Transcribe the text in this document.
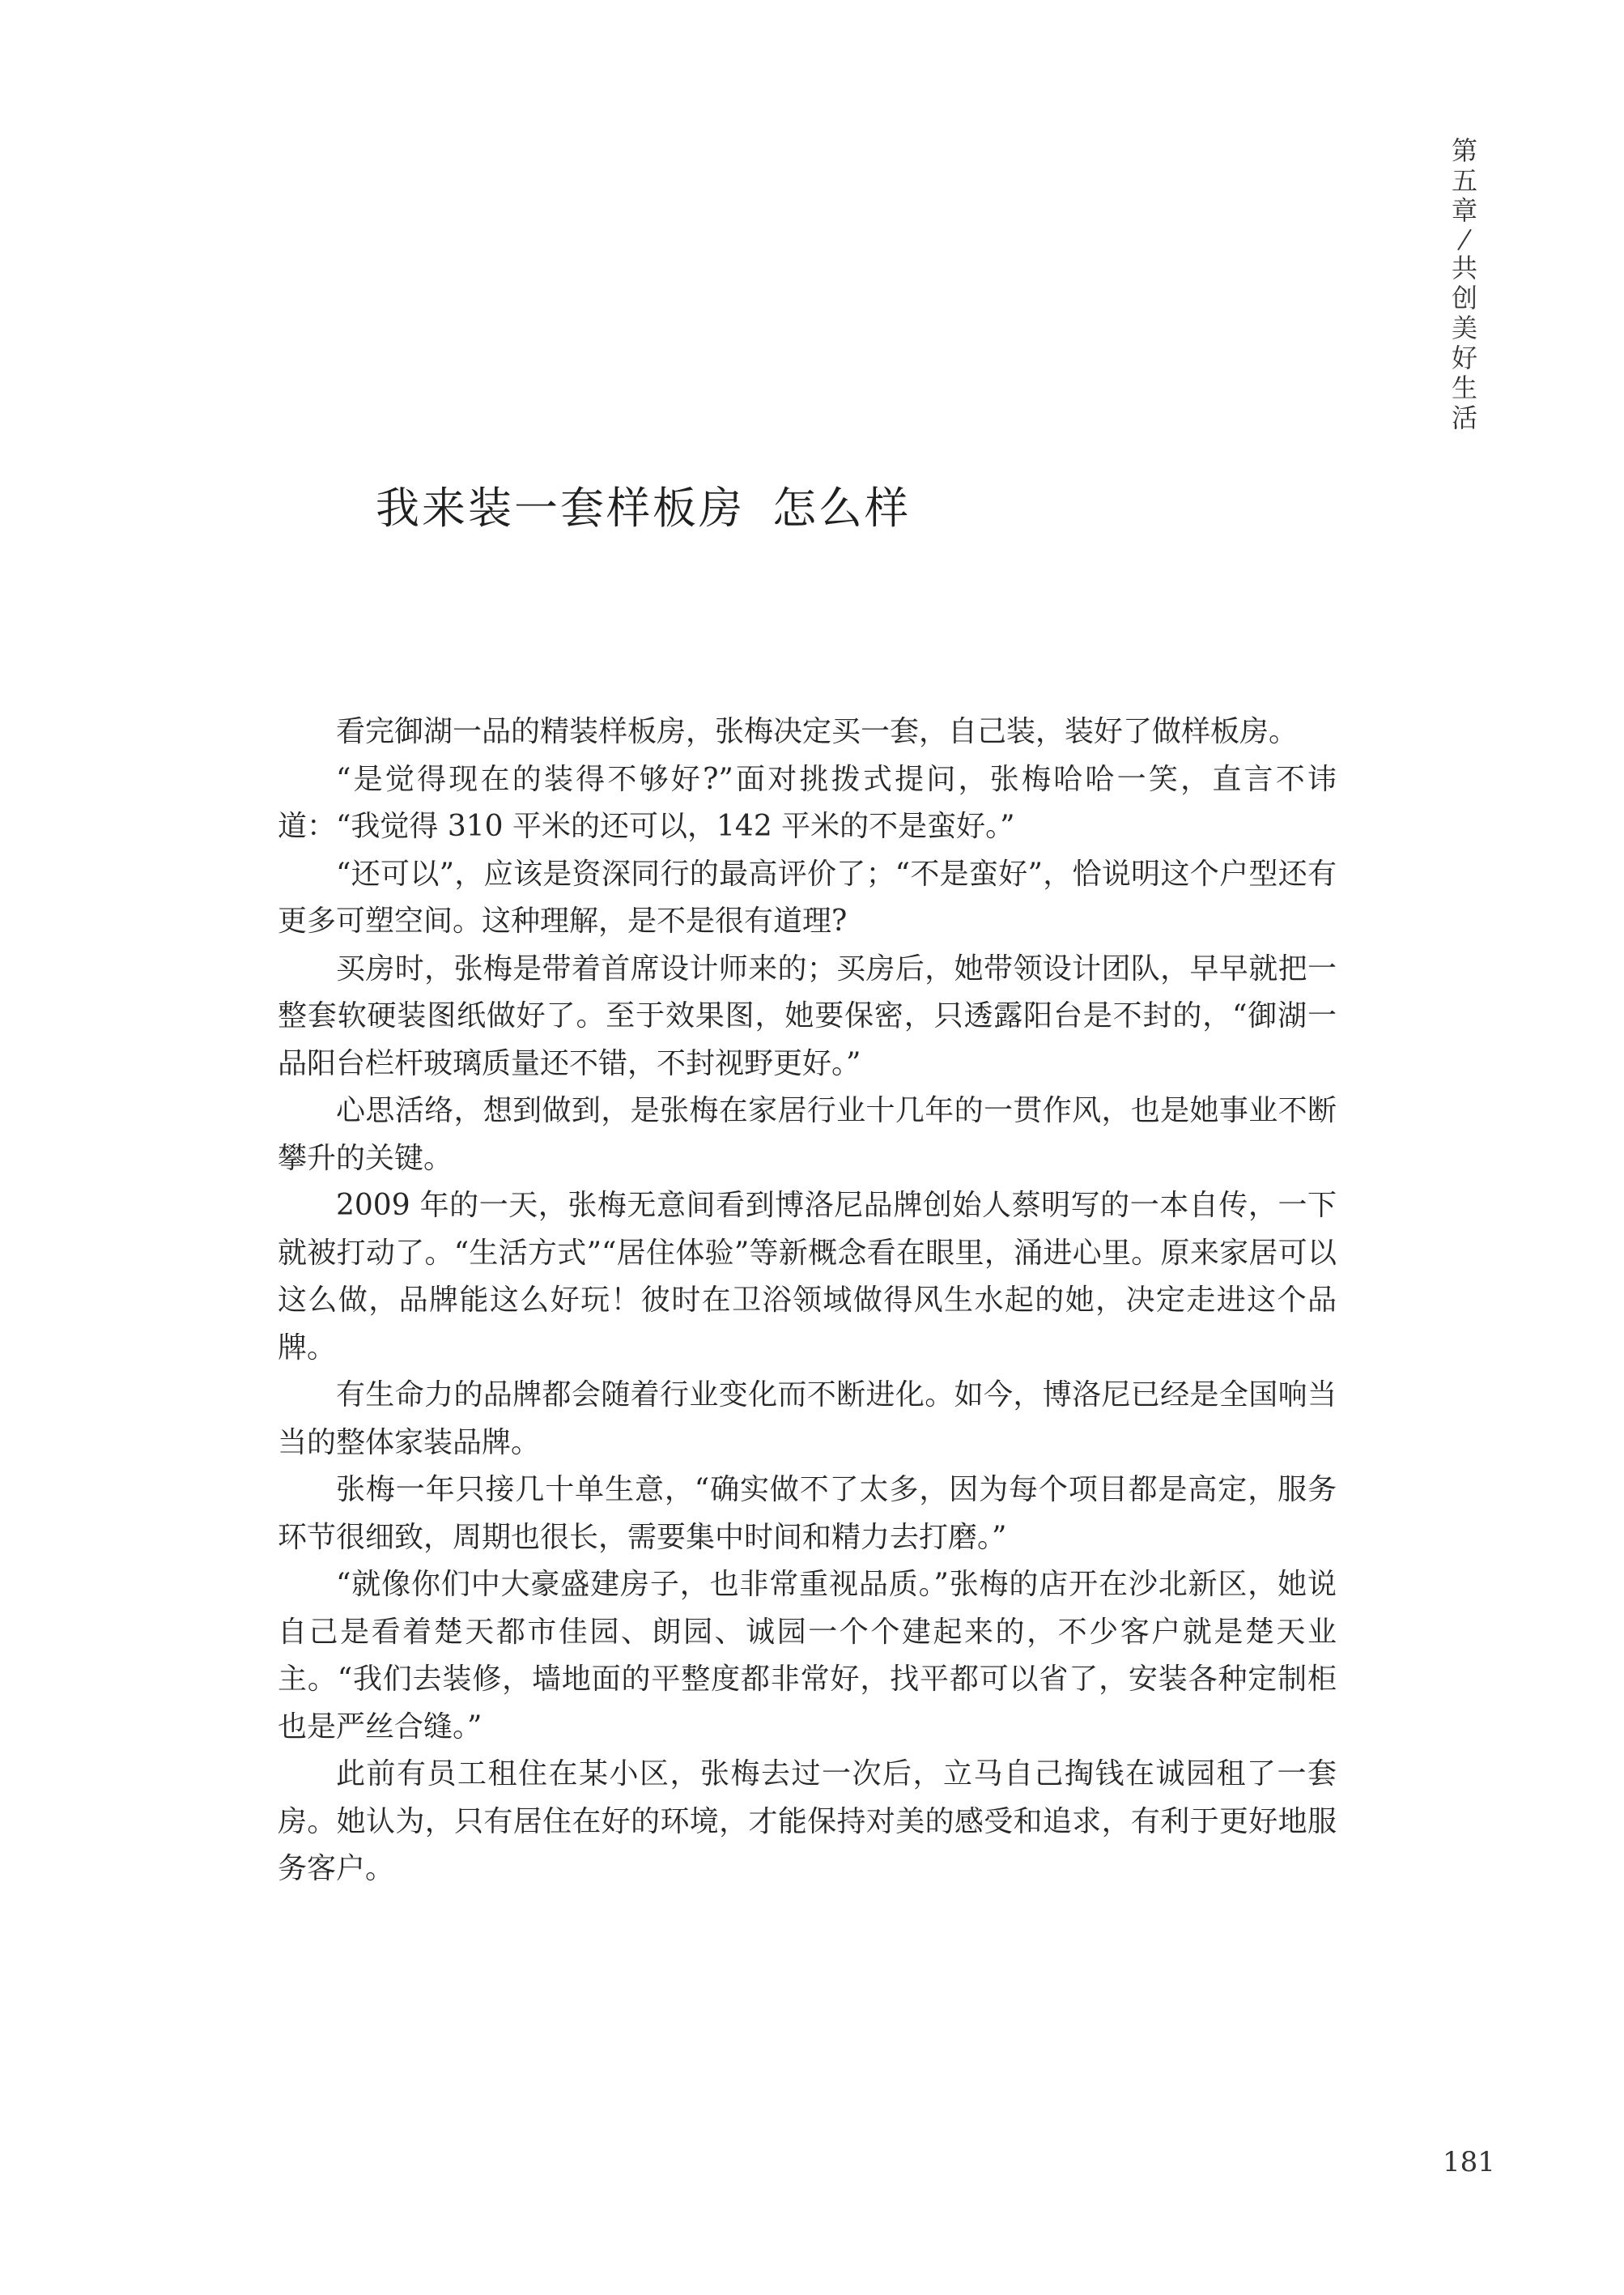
第
五
章
共
创
美
好
生
活
我来装一套样板房 怎么样

看完御湖一品的精装样板房，张梅决定买一套，自己装，装好了做样板房。

“是觉得现在的装得不够好?”面对挑拨式提问，张梅哈哈一笑，直言不讳道：“我觉得 310 平米的还可以，142 平米的不是蛮好。”

“还可以”，应该是资深同行的最高评价了；“不是蛮好”，恰说明这个户型还有更多可塑空间。这种理解，是不是很有道理?

买房时，张梅是带着首席设计师来的；买房后，她带领设计团队，早早就把一整套软硬装图纸做好了。至于效果图，她要保密，只透露阳台是不封的，“御湖一品阳台栏杆玻璃质量还不错，不封视野更好。”

心思活络，想到做到，是张梅在家居行业十几年的一贯作风，也是她事业不断攀升的关键。

2009 年的一天，张梅无意间看到博洛尼品牌创始人蔡明写的一本自传，一下就被打动了。“生活方式”“居住体验”等新概念看在眼里，涌进心里。原来家居可以这么做，品牌能这么好玩！彼时在卫浴领域做得风生水起的她，决定走进这个品牌。

有生命力的品牌都会随着行业变化而不断进化。如今，博洛尼已经是全国响当当的整体家装品牌。

张梅一年只接几十单生意，“确实做不了太多，因为每个项目都是高定，服务环节很细致，周期也很长，需要集中时间和精力去打磨。”

“就像你们中大豪盛建房子，也非常重视品质。”张梅的店开在沙北新区，她说自己是看着楚天都市佳园、朗园、诚园一个个建起来的，不少客户就是楚天业主。“我们去装修，墙地面的平整度都非常好，找平都可以省了，安装各种定制柜也是严丝合缝。”

此前有员工租住在某小区，张梅去过一次后，立马自己掏钱在诚园租了一套房。她认为，只有居住在好的环境，才能保持对美的感受和追求，有利于更好地服务客户。

181
